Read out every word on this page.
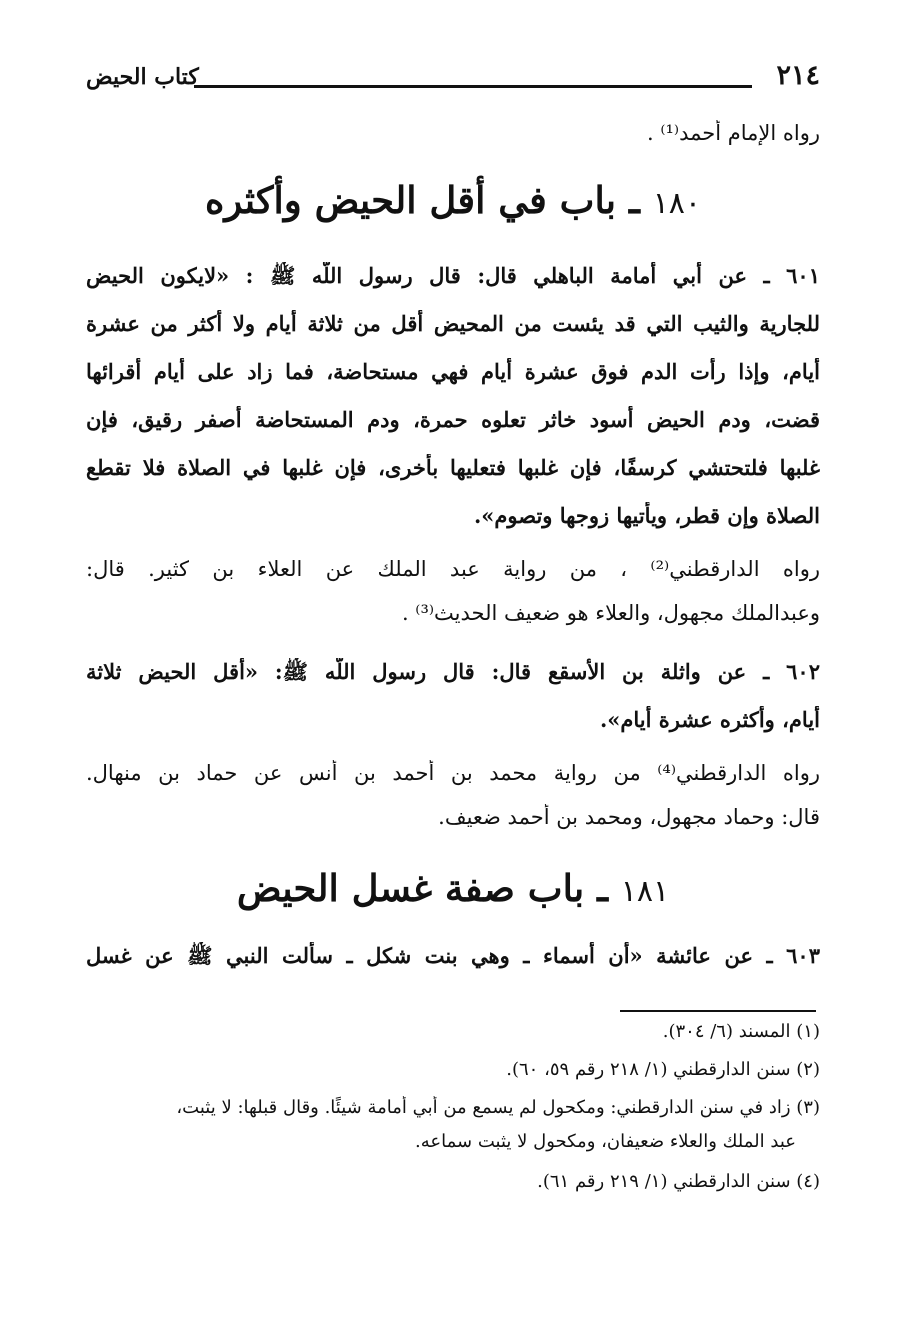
٢١٤
كتاب الحيض
رواه الإمام أحمد⁽¹⁾ .
١٨٠ ـ باب في أقل الحيض وأكثره
٦٠١ ـ عن أبي أمامة الباهلي قال: قال رسول اللَّه ﷺ : «لايكون الحيض
للجارية والثيب التي قد يئست من المحيض أقل من ثلاثة أيام ولا أكثر من عشرة
أيام، وإذا رأت الدم فوق عشرة أيام فهي مستحاضة، فما زاد على أيام أقرائها
قضت، ودم الحيض أسود خاثر تعلوه حمرة، ودم المستحاضة أصفر رقيق، فإن
غلبها فلتحتشي كرسفًا، فإن غلبها فتعليها بأخرى، فإن غلبها في الصلاة فلا تقطع
الصلاة وإن قطر، ويأتيها زوجها وتصوم».
رواه الدارقطني⁽²⁾ ، من رواية عبد الملك عن العلاء بن كثير. قال:
وعبدالملك مجهول، والعلاء هو ضعيف الحديث⁽³⁾ .
٦٠٢ ـ عن واثلة بن الأسقع قال: قال رسول اللَّه ﷺ: «أقل الحيض ثلاثة
أيام، وأكثره عشرة أيام».
رواه الدارقطني⁽⁴⁾ من رواية محمد بن أحمد بن أنس عن حماد بن منهال.
قال: وحماد مجهول، ومحمد بن أحمد ضعيف.
١٨١ ـ باب صفة غسل الحيض
٦٠٣ ـ عن عائشة «أن أسماء ـ وهي بنت شكل ـ سألت النبي ﷺ عن غسل
(١) المسند (٦/ ٣٠٤).
(٢) سنن الدارقطني (١/ ٢١٨ رقم ٥٩، ٦٠).
(٣) زاد في سنن الدارقطني: ومكحول لم يسمع من أبي أمامة شيئًا. وقال قبلها: لا يثبت،
عبد الملك والعلاء ضعيفان، ومكحول لا يثبت سماعه.
(٤) سنن الدارقطني (١/ ٢١٩ رقم ٦١).
